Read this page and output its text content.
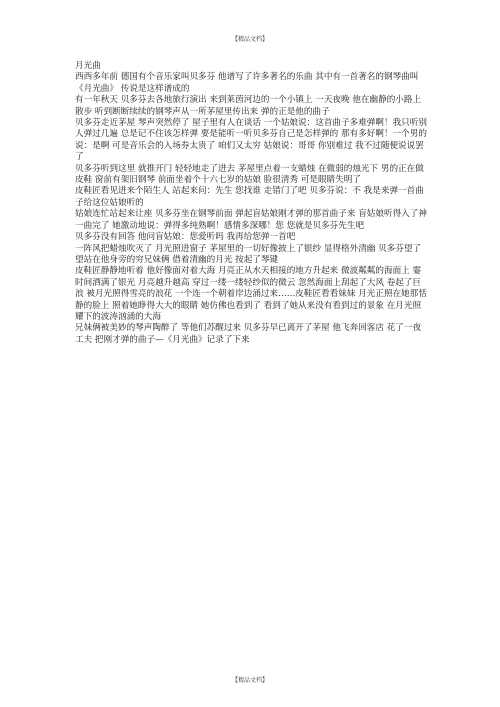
【精品文档】

月光曲

西西多年前 德国有个音乐家叫贝多芬 他谱写了许多著名的乐曲 其中有一首著名的钢琴曲叫《月光曲》 传说是这样谱成的

有一年秋天 贝多芬去各地旅行演出 来到莱茵河边的一个小镇上 一天夜晚 他在幽静的小路上散步 听到断断续续的钢琴声从一所茅屋里传出来 弹的正是他的曲子

贝多芬走近茅屋 琴声突然停了 屋子里有人在谈话 一个姑娘说：这首曲子多难弹啊！我只听别人弹过几遍 总是记不住该怎样弹 要是能听一听贝多芬自己是怎样弹的 那有多好啊！一个男的说：是啊 可是音乐会的入场券太贵了 咱们又太穷 姑娘说：哥哥 你别难过 我不过随便说说罢了

贝多芬听到这里 就推开门 轻轻地走了进去 茅屋里点着一支蜡烛 在微弱的烛光下 男的正在做皮鞋 窗前有架旧钢琴 前面坐着个十六七岁的姑娘 脸很清秀 可是眼睛失明了

皮鞋匠看见进来个陌生人 站起来问：先生 您找谁 走错门了吧 贝多芬说：不 我是来弹一首曲子给这位姑娘听的

姑娘连忙站起来让座 贝多芬坐在钢琴前面 弹起盲姑娘刚才弹的那首曲子来 盲姑娘听得入了神 一曲完了 她激动地说：弹得多纯熟啊！感情多深哪！您 您就是贝多芬先生吧

贝多芬没有回答 他问盲姑娘：您爱听吗 我再给您弹一首吧

一阵风把蜡烛吹灭了 月光照进窗子 茅屋里的一切好像披上了银纱 显得格外清幽 贝多芬望了望站在他身旁的穷兄妹俩 借着清幽的月光 按起了琴键

皮鞋匠静静地听着 他好像面对着大海 月亮正从水天相接的地方升起来 微波粼粼的海面上 霎时间洒满了银光 月亮越升越高 穿过一缕一缕轻纱似的微云 忽然海面上刮起了大风 卷起了巨浪 被月光照得雪亮的浪花 一个连一个朝着岸边涌过来……皮鞋匠看看妹妹 月光正照在她那恬静的脸上 照着她睁得大大的眼睛 她仿佛也看到了 看到了她从来没有看到过的景象 在月光照耀下的波涛汹涌的大海

兄妹俩被美妙的琴声陶醉了 等他们苏醒过来 贝多芬早已离开了茅屋 他飞奔回客店 花了一夜工夫 把刚才弹的曲子—《月光曲》记录了下来

【精品文档】
